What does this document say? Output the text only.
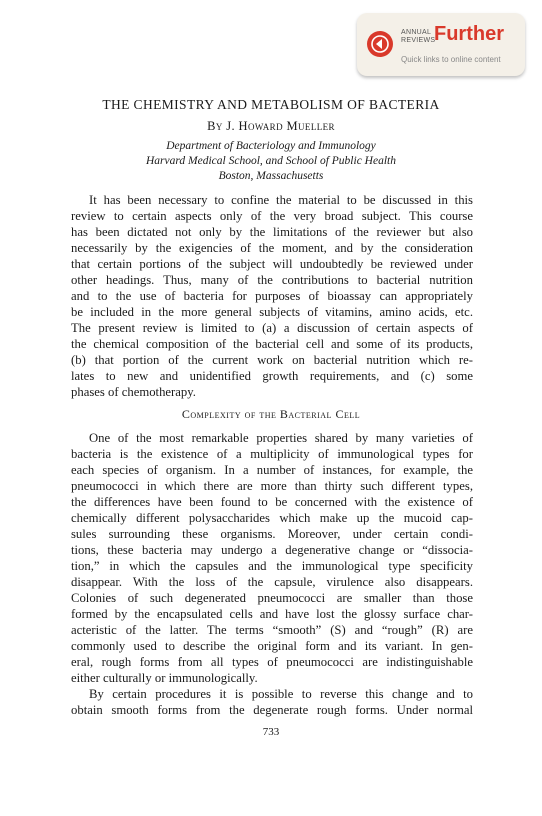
ANNUAL
REVIEWS
Further
Quick links to online content
THE CHEMISTRY AND METABOLISM OF BACTERIA
By J. Howard Mueller
Department of Bacteriology and Immunology
Harvard Medical School, and School of Public Health
Boston, Massachusetts
It has been necessary to confine the material to be discussed in this
review to certain aspects only of the very broad subject. This course
has been dictated not only by the limitations of the reviewer but also
necessarily by the exigencies of the moment, and by the consideration
that certain portions of the subject will undoubtedly be reviewed under
other headings. Thus, many of the contributions to bacterial nutrition
and to the use of bacteria for purposes of bioassay can appropriately
be included in the more general subjects of vitamins, amino acids, etc.
The present review is limited to (a) a discussion of certain aspects of
the chemical composition of the bacterial cell and some of its products,
(b) that portion of the current work on bacterial nutrition which re-
lates to new and unidentified growth requirements, and (c) some
phases of chemotherapy.
Complexity of the Bacterial Cell
One of the most remarkable properties shared by many varieties of
bacteria is the existence of a multiplicity of immunological types for
each species of organism. In a number of instances, for example, the
pneumococci in which there are more than thirty such different types,
the differences have been found to be concerned with the existence of
chemically different polysaccharides which make up the mucoid cap-
sules surrounding these organisms. Moreover, under certain condi-
tions, these bacteria may undergo a degenerative change or “dissocia-
tion,” in which the capsules and the immunological type specificity
disappear. With the loss of the capsule, virulence also disappears.
Colonies of such degenerated pneumococci are smaller than those
formed by the encapsulated cells and have lost the glossy surface char-
acteristic of the latter. The terms “smooth” (S) and “rough” (R) are
commonly used to describe the original form and its variant. In gen-
eral, rough forms from all types of pneumococci are indistinguishable
either culturally or immunologically.
By certain procedures it is possible to reverse this change and to
obtain smooth forms from the degenerate rough forms. Under normal
733
